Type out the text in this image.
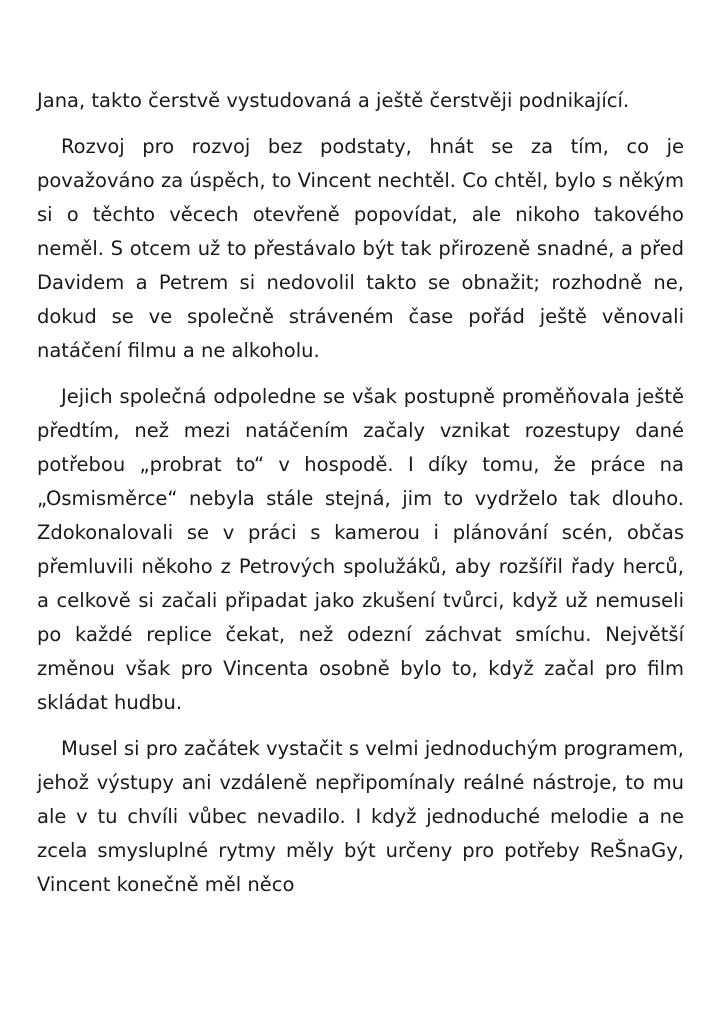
Jana, takto čerstvě vystudovaná a ještě čerstvěji podnikající.

Rozvoj pro rozvoj bez podstaty, hnát se za tím, co je považováno za úspěch, to Vincent nechtěl. Co chtěl, bylo s někým si o těchto věcech otevřeně popovídat, ale nikoho takového neměl. S otcem už to přestávalo být tak přirozeně snadné, a před Davidem a Petrem si nedovolil takto se obnažit; rozhodně ne, dokud se ve společně stráveném čase pořád ještě věnovali natáčení filmu a ne alkoholu.

Jejich společná odpoledne se však postupně proměňovala ještě předtím, než mezi natáčením začaly vznikat rozestupy dané potřebou „probrat to“ v hospodě. I díky tomu, že práce na „Osmisměrce“ nebyla stále stejná, jim to vydrželo tak dlouho. Zdokonalovali se v práci s kamerou i plánování scén, občas přemluvili někoho z Petrových spolužáků, aby rozšířil řady herců, a celkově si začali připadat jako zkušení tvůrci, když už nemuseli po každé replice čekat, než odezní záchvat smíchu. Největší změnou však pro Vincenta osobně bylo to, když začal pro film skládat hudbu.

Musel si pro začátek vystačit s velmi jednoduchým programem, jehož výstupy ani vzdáleně nepřipomínaly reálné nástroje, to mu ale v tu chvíli vůbec nevadilo. I když jednoduché melodie a ne zcela smysluplné rytmy měly být určeny pro potřeby ReŠnaGy, Vincent konečně měl něco
